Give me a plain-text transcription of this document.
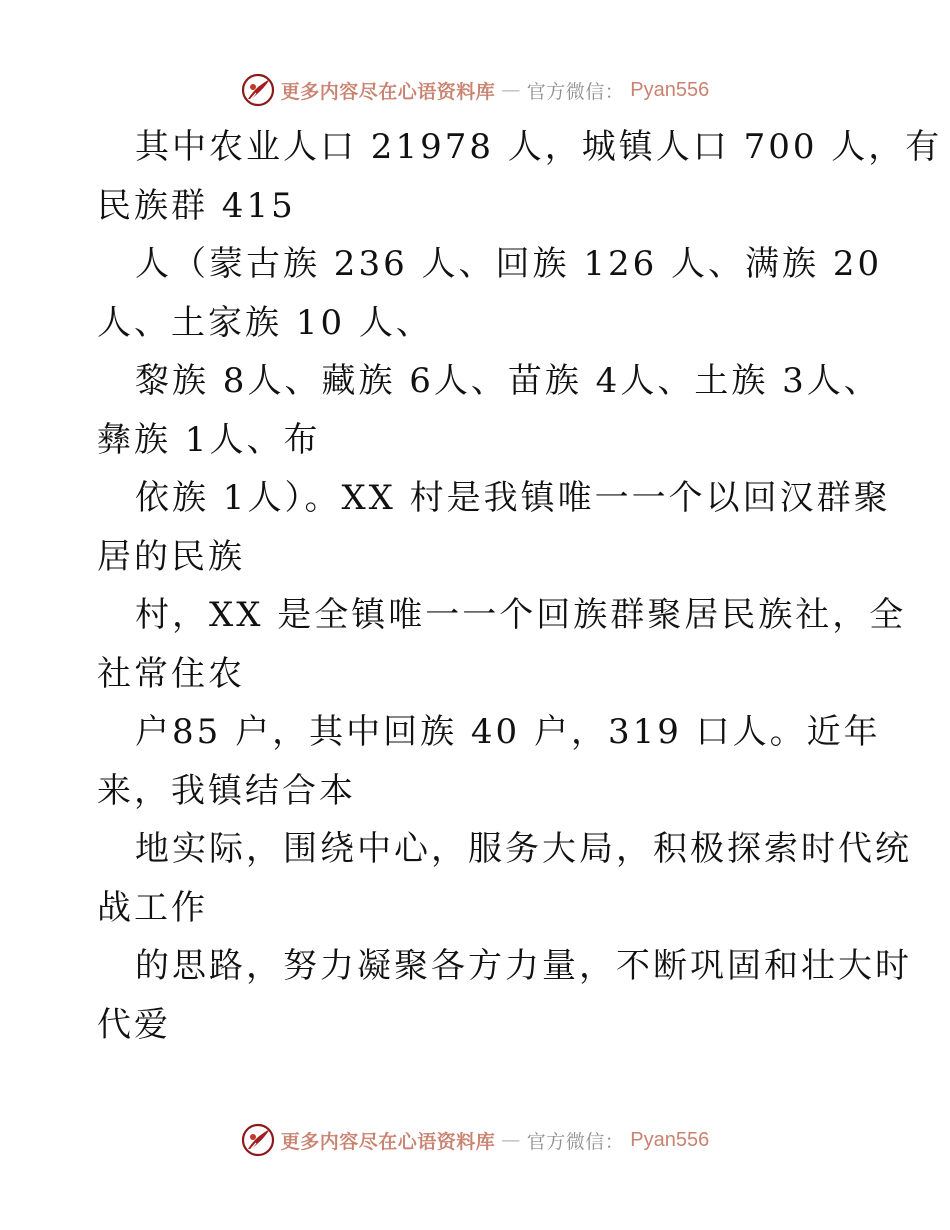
更多内容尽在心语资料库 — 官方微信： Pyan556
其中农业人口 21978 人，城镇人口 700 人，有
民族群 415
人（蒙古族 236 人、回族 126 人、满族 20
人、土家族 10 人、
黎族 8人、藏族 6人、苗族 4人、土族 3人、
彝族 1人、布
依族 1人）。XX 村是我镇唯一一个以回汉群聚
居的民族
村，XX 是全镇唯一一个回族群聚居民族社，全
社常住农
户85 户，其中回族 40 户，319 口人。近年
来，我镇结合本
地实际，围绕中心，服务大局，积极探索时代统
战工作
的思路，努力凝聚各方力量，不断巩固和壮大时
代爱
更多内容尽在心语资料库 — 官方微信： Pyan556
